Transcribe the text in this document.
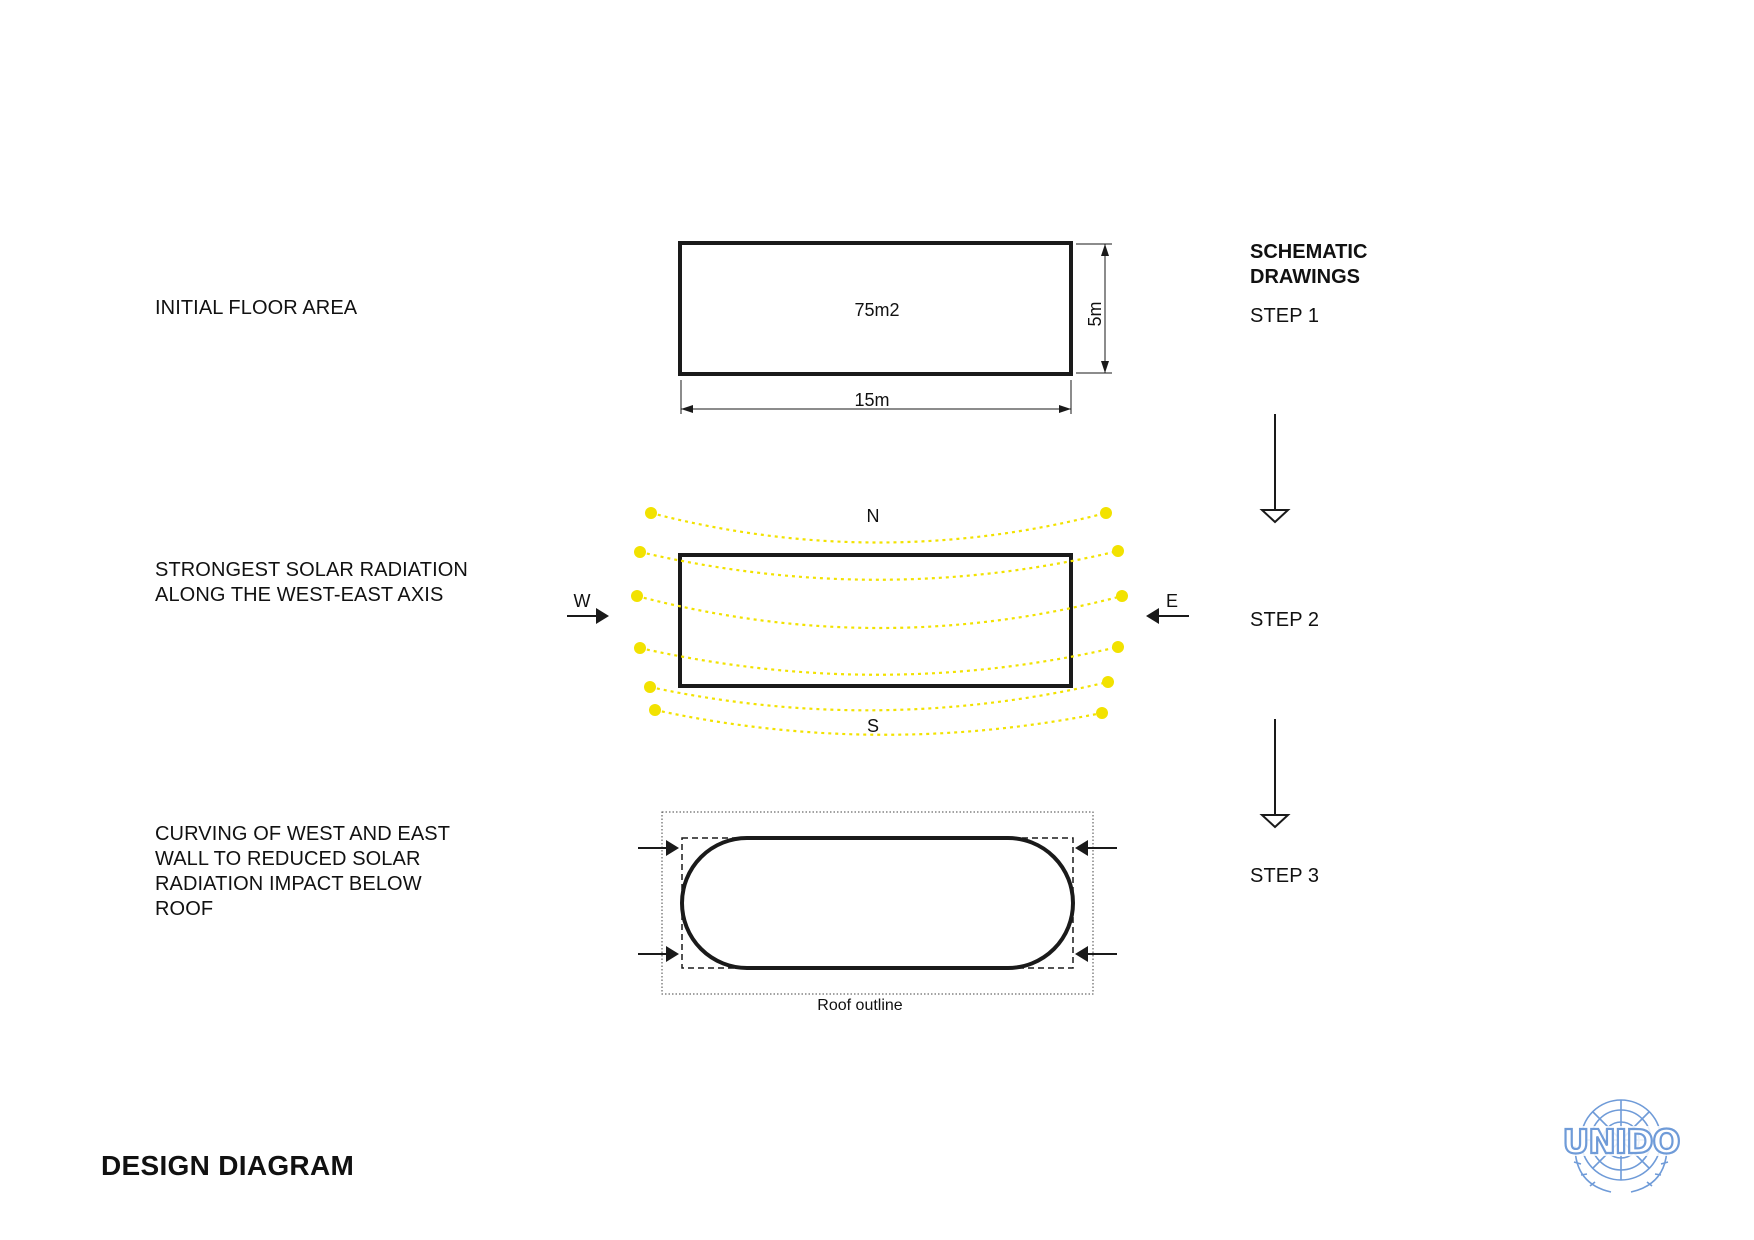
INITIAL FLOOR AREA
STRONGEST SOLAR RADIATION
ALONG THE WEST-EAST AXIS
CURVING OF WEST AND EAST
WALL TO REDUCED SOLAR
RADIATION IMPACT BELOW
ROOF
SCHEMATIC
DRAWINGS
STEP 1
STEP 2
STEP 3
DESIGN DIAGRAM
75m2
15m
5m
N
S
W	E
Roof outline
UNIDO
